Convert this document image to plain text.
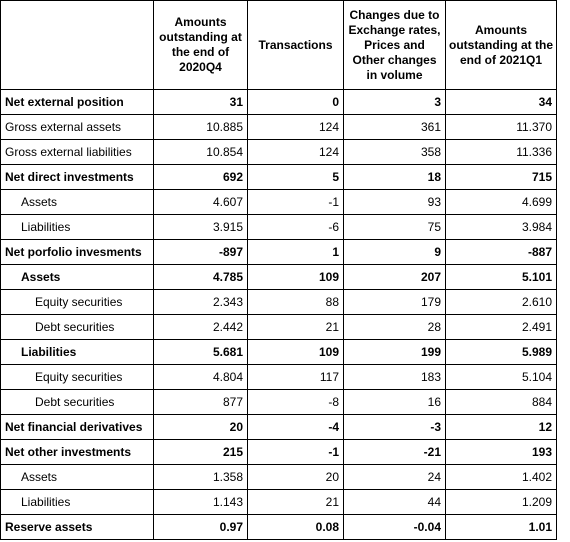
	Amounts outstanding at the end of 2020Q4	Transactions	Changes due to Exchange rates, Prices and Other changes in volume	Amounts outstanding at the end of 2021Q1
Net external position	31	0	3	34
Gross external assets	10.885	124	361	11.370
Gross external liabilities	10.854	124	358	11.336
Net direct investments	692	5	18	715
Assets	4.607	-1	93	4.699
Liabilities	3.915	-6	75	3.984
Net porfolio invesments	-897	1	9	-887
Assets	4.785	109	207	5.101
Equity securities	2.343	88	179	2.610
Debt securities	2.442	21	28	2.491
Liabilities	5.681	109	199	5.989
Equity securities	4.804	117	183	5.104
Debt securities	877	-8	16	884
Net financial derivatives	20	-4	-3	12
Net other investments	215	-1	-21	193
Assets	1.358	20	24	1.402
Liabilities	1.143	21	44	1.209
Reserve assets	0.97	0.08	-0.04	1.01
